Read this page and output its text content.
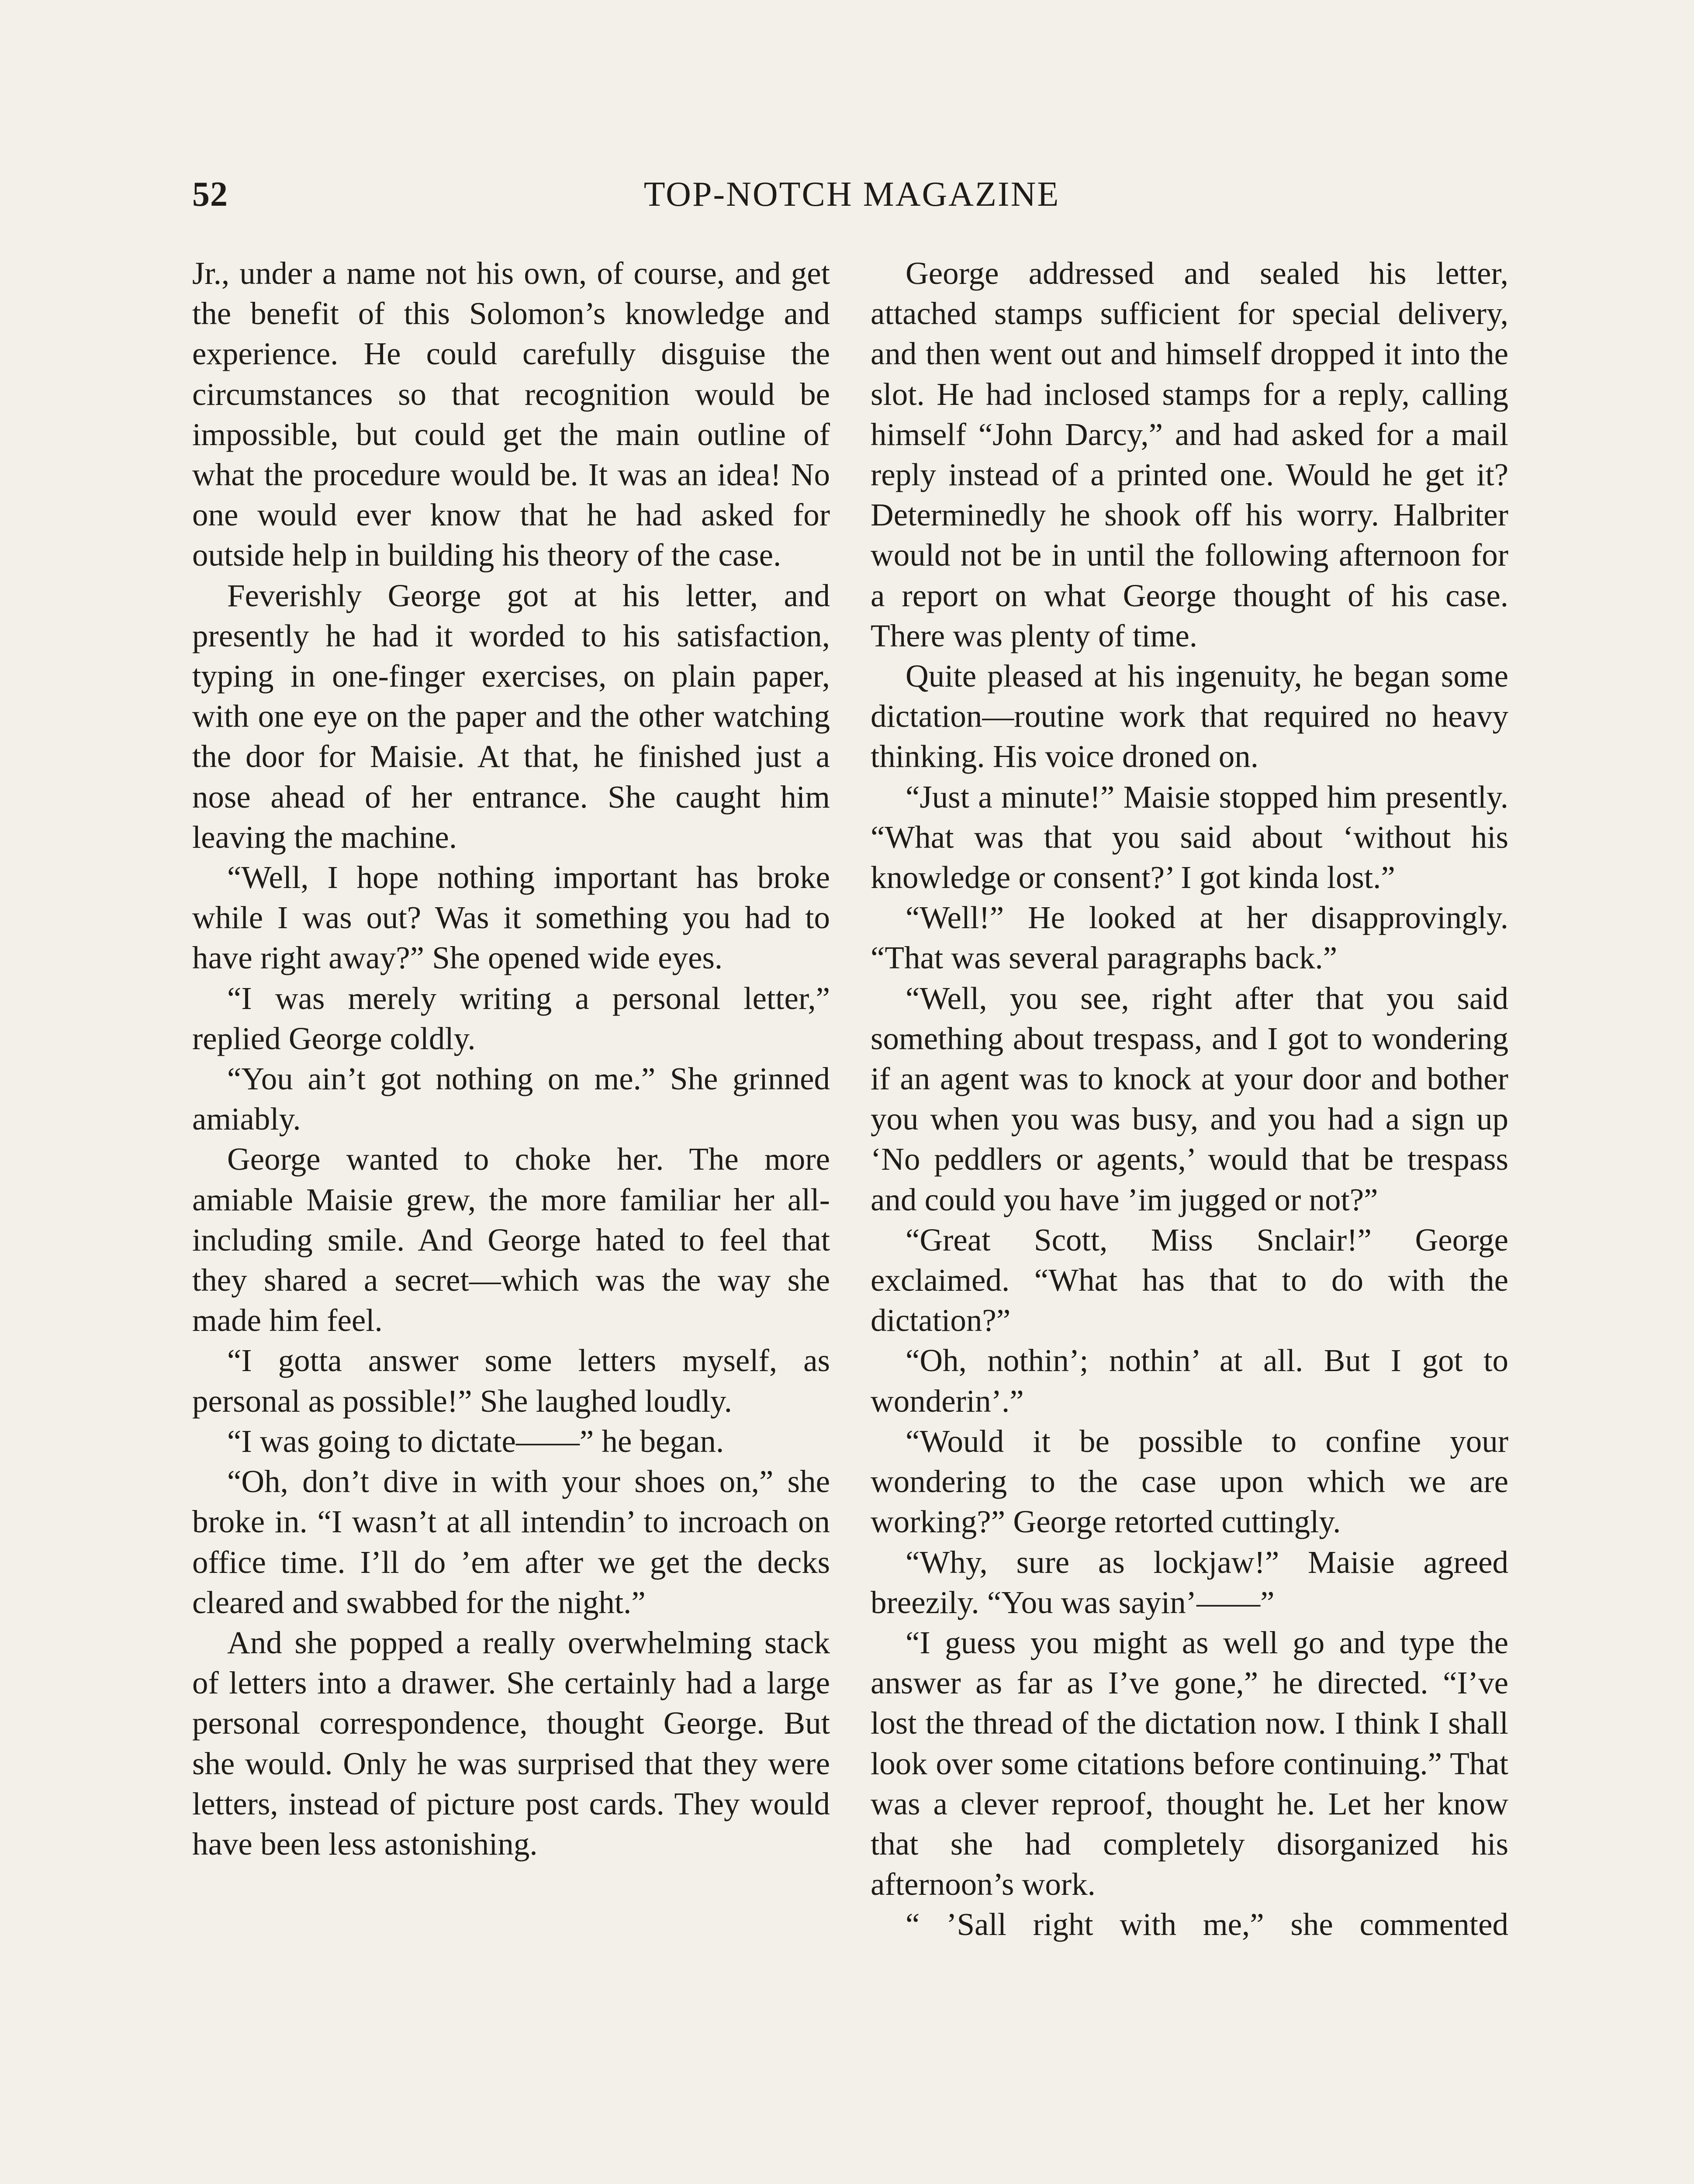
52	TOP-NOTCH MAGAZINE

Jr., under a name not his own, of course, and get the benefit of this Solomon’s knowledge and experience. He could carefully disguise the circumstances so that recognition would be impossible, but could get the main outline of what the procedure would be. It was an idea! No one would ever know that he had asked for outside help in building his theory of the case.

Feverishly George got at his letter, and presently he had it worded to his satisfaction, typing in one-finger exercises, on plain paper, with one eye on the paper and the other watching the door for Maisie. At that, he finished just a nose ahead of her entrance. She caught him leaving the machine.

“Well, I hope nothing important has broke while I was out? Was it something you had to have right away?” She opened wide eyes.

“I was merely writing a personal letter,” replied George coldly.

“You ain’t got nothing on me.” She grinned amiably.

George wanted to choke her. The more amiable Maisie grew, the more familiar her all-including smile. And George hated to feel that they shared a secret—which was the way she made him feel.

“I gotta answer some letters myself, as personal as possible!” She laughed loudly.

“I was going to dictate——” he began.

“Oh, don’t dive in with your shoes on,” she broke in. “I wasn’t at all intendin’ to incroach on office time. I’ll do ’em after we get the decks cleared and swabbed for the night.”

And she popped a really overwhelming stack of letters into a drawer. She certainly had a large personal correspondence, thought George. But she would. Only he was surprised that they were letters, instead of picture post cards. They would have been less astonishing.

George addressed and sealed his letter, attached stamps sufficient for special delivery, and then went out and himself dropped it into the slot. He had inclosed stamps for a reply, calling himself “John Darcy,” and had asked for a mail reply instead of a printed one. Would he get it? Determinedly he shook off his worry. Halbriter would not be in until the following afternoon for a report on what George thought of his case. There was plenty of time.

Quite pleased at his ingenuity, he began some dictation—routine work that required no heavy thinking. His voice droned on.

“Just a minute!” Maisie stopped him presently. “What was that you said about ‘without his knowledge or consent?’ I got kinda lost.”

“Well!” He looked at her disapprovingly. “That was several paragraphs back.”

“Well, you see, right after that you said something about trespass, and I got to wondering if an agent was to knock at your door and bother you when you was busy, and you had a sign up ‘No peddlers or agents,’ would that be trespass and could you have ’im jugged or not?”

“Great Scott, Miss Snclair!” George exclaimed. “What has that to do with the dictation?”

“Oh, nothin’; nothin’ at all. But I got to wonderin’.”

“Would it be possible to confine your wondering to the case upon which we are working?” George retorted cuttingly.

“Why, sure as lockjaw!” Maisie agreed breezily. “You was sayin’——”

“I guess you might as well go and type the answer as far as I’ve gone,” he directed. “I’ve lost the thread of the dictation now. I think I shall look over some citations before continuing.” That was a clever reproof, thought he. Let her know that she had completely disorganized his afternoon’s work.

“ ’Sall right with me,” she commented
